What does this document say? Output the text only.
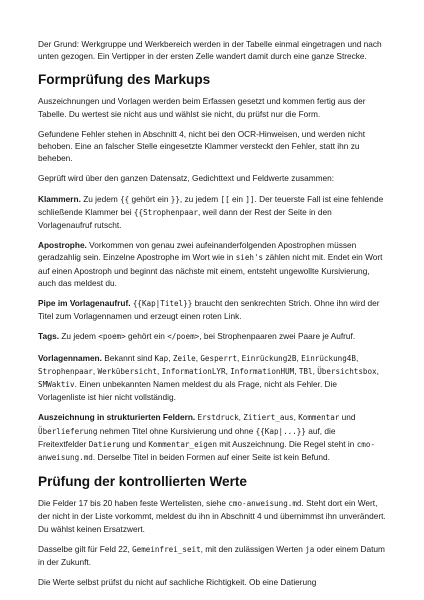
Der Grund: Werkgruppe und Werkbereich werden in der Tabelle einmal eingetragen und nach unten gezogen. Ein Vertipper in der ersten Zelle wandert damit durch eine ganze Strecke.

Formprüfung des Markups

Auszeichnungen und Vorlagen werden beim Erfassen gesetzt und kommen fertig aus der Tabelle. Du wertest sie nicht aus und wählst sie nicht, du prüfst nur die Form.

Gefundene Fehler stehen in Abschnitt 4, nicht bei den OCR-Hinweisen, und werden nicht behoben. Eine an falscher Stelle eingesetzte Klammer versteckt den Fehler, statt ihn zu beheben.

Geprüft wird über den ganzen Datensatz, Gedichttext und Feldwerte zusammen:

Klammern. Zu jedem {{ gehört ein }}, zu jedem [[ ein ]]. Der teuerste Fall ist eine fehlende schließende Klammer bei {{Strophenpaar, weil dann der Rest der Seite in den Vorlagenaufruf rutscht.

Apostrophe. Vorkommen von genau zwei aufeinanderfolgenden Apostrophen müssen geradzahlig sein. Einzelne Apostrophe im Wort wie in sieh's zählen nicht mit. Endet ein Wort auf einen Apostroph und beginnt das nächste mit einem, entsteht ungewollte Kursivierung, auch das meldest du.

Pipe im Vorlagenaufruf. {{Kap|Titel}} braucht den senkrechten Strich. Ohne ihn wird der Titel zum Vorlagennamen und erzeugt einen roten Link.

Tags. Zu jedem <poem> gehört ein </poem>, bei Strophenpaaren zwei Paare je Aufruf.

Vorlagennamen. Bekannt sind Kap, Zeile, Gesperrt, Einrückung2B, Einrückung4B, Strophenpaar, Werkübersicht, InformationLYR, InformationHUM, TBl, Übersichtsbox, SMWaktiv. Einen unbekannten Namen meldest du als Frage, nicht als Fehler. Die Vorlagenliste ist hier nicht vollständig.

Auszeichnung in strukturierten Feldern. Erstdruck, Zitiert_aus, Kommentar und Überlieferung nehmen Titel ohne Kursivierung und ohne {{Kap|...}} auf, die Freitextfelder Datierung und Kommentar_eigen mit Auszeichnung. Die Regel steht in cmo-anweisung.md. Derselbe Titel in beiden Formen auf einer Seite ist kein Befund.

Prüfung der kontrollierten Werte

Die Felder 17 bis 20 haben feste Wertelisten, siehe cmo-anweisung.md. Steht dort ein Wert, der nicht in der Liste vorkommt, meldest du ihn in Abschnitt 4 und übernimmst ihn unverändert. Du wählst keinen Ersatzwert.

Dasselbe gilt für Feld 22, Gemeinfrei_seit, mit den zulässigen Werten ja oder einem Datum in der Zukunft.

Die Werte selbst prüfst du nicht auf sachliche Richtigkeit. Ob eine Datierung
